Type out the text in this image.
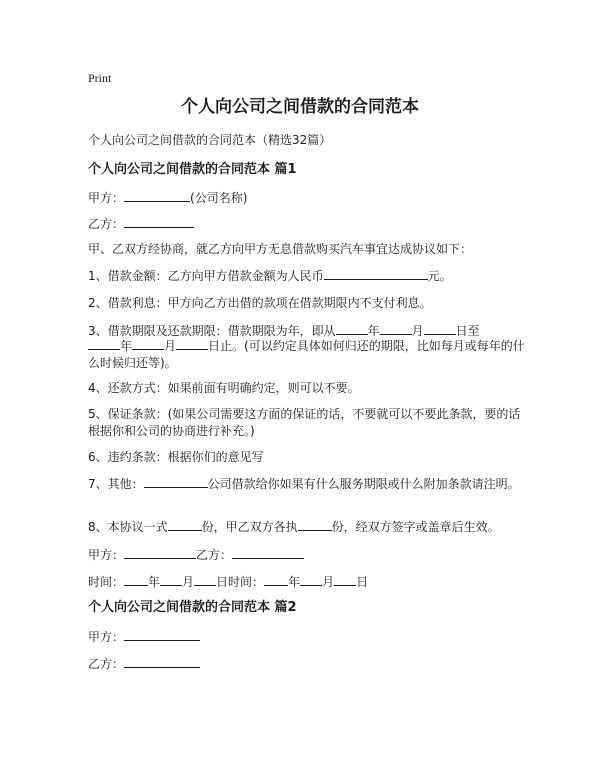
Print
个人向公司之间借款的合同范本
个人向公司之间借款的合同范本（精选32篇）
个人向公司之间借款的合同范本 篇1
甲方：	(公司名称)
乙方：
甲、乙双方经协商，就乙方向甲方无息借款购买汽车事宜达成协议如下：
1、借款金额：乙方向甲方借款金额为人民币	元。
2、借款利息：甲方向乙方出借的款项在借款期限内不支付利息。
3、借款期限及还款期限：借款期限为年，即从	年	月	日至
年	月	日止。(可以约定具体如何归还的期限，比如每月或每年的什么时候归还等)。
4、还款方式：如果前面有明确约定，则可以不要。
5、保证条款：(如果公司需要这方面的保证的话，不要就可以不要此条款，要的话根据你和公司的协商进行补充。)
6、违约条款：根据你们的意见写
7、其他：	公司借款给你如果有什么服务期限或什么附加条款请注明。
8、本协议一式	份，甲乙双方各执	份，经双方签字或盖章后生效。
甲方：	乙方：
时间： 年 月 日时间： 年 月 日
个人向公司之间借款的合同范本 篇2
甲方：
乙方：
